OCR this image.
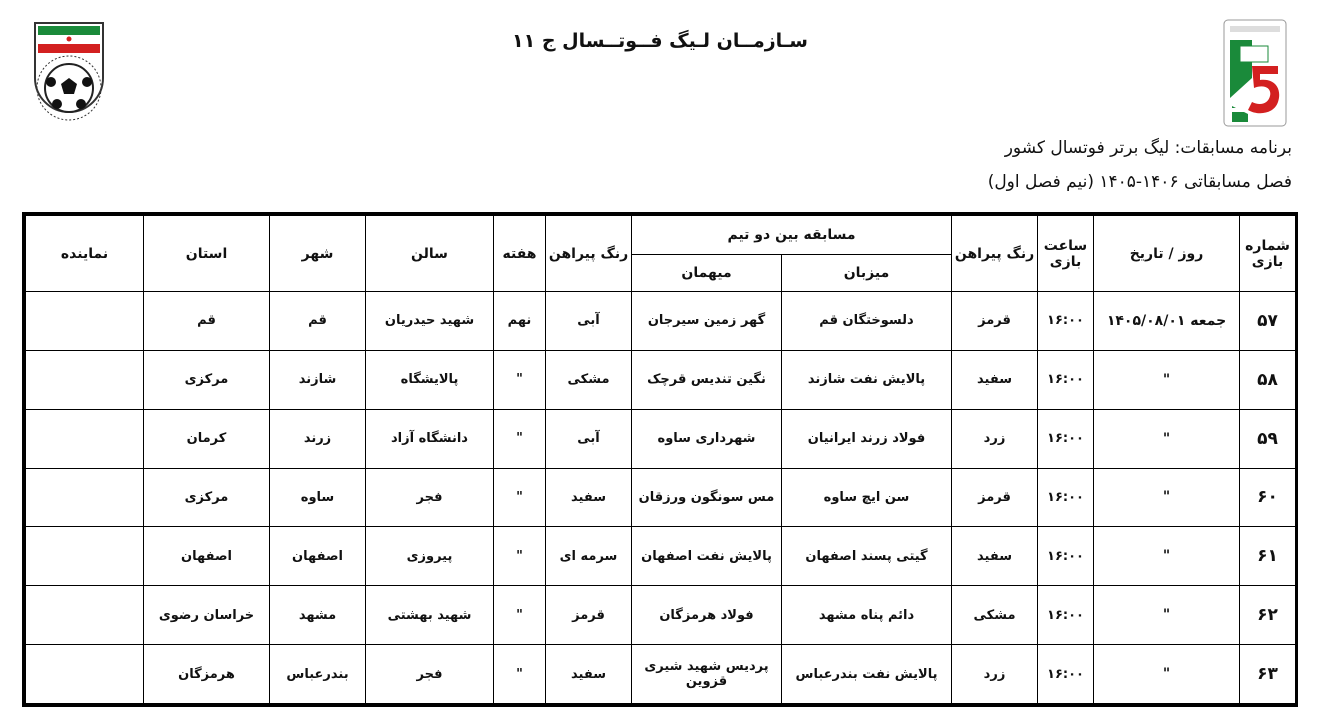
سـازمــان لـیگ فــوتــسال ج ۱۱
برنامه مسابقات: لیگ برتر فوتسال کشور
فصل مسابقاتی ۱۴۰۶-۱۴۰۵ (نیم فصل اول)
شماره بازی	روز / تاریخ	ساعت بازی	رنگ پیراهن	مسابقه بین دو تیم		رنگ پیراهن	هفته	سالن	شهر	استان	نماینده
				میزبان	میهمان						
۵۷	جمعه ۱۴۰۵/۰۸/۰۱	۱۶:۰۰	قرمز	دلسوختگان قم	گهر زمین سیرجان	آبی	نهم	شهید حیدریان	قم	قم	
۵۸	"	۱۶:۰۰	سفید	پالایش نفت شازند	نگین تندیس قرچک	مشکی	"	پالایشگاه	شازند	مرکزی	
۵۹	"	۱۶:۰۰	زرد	فولاد زرند ایرانیان	شهرداری ساوه	آبی	"	دانشگاه آزاد	زرند	کرمان	
۶۰	"	۱۶:۰۰	قرمز	سن ایچ ساوه	مس سونگون ورزقان	سفید	"	فجر	ساوه	مرکزی	
۶۱	"	۱۶:۰۰	سفید	گیتی پسند اصفهان	پالایش نفت اصفهان	سرمه ای	"	پیروزی	اصفهان	اصفهان	
۶۲	"	۱۶:۰۰	مشکی	دائم پناه مشهد	فولاد هرمزگان	قرمز	"	شهید بهشتی	مشهد	خراسان رضوی	
۶۳	"	۱۶:۰۰	زرد	پالایش نفت بندرعباس	پردیس شهید شیری قزوین	سفید	"	فجر	بندرعباس	هرمزگان	
